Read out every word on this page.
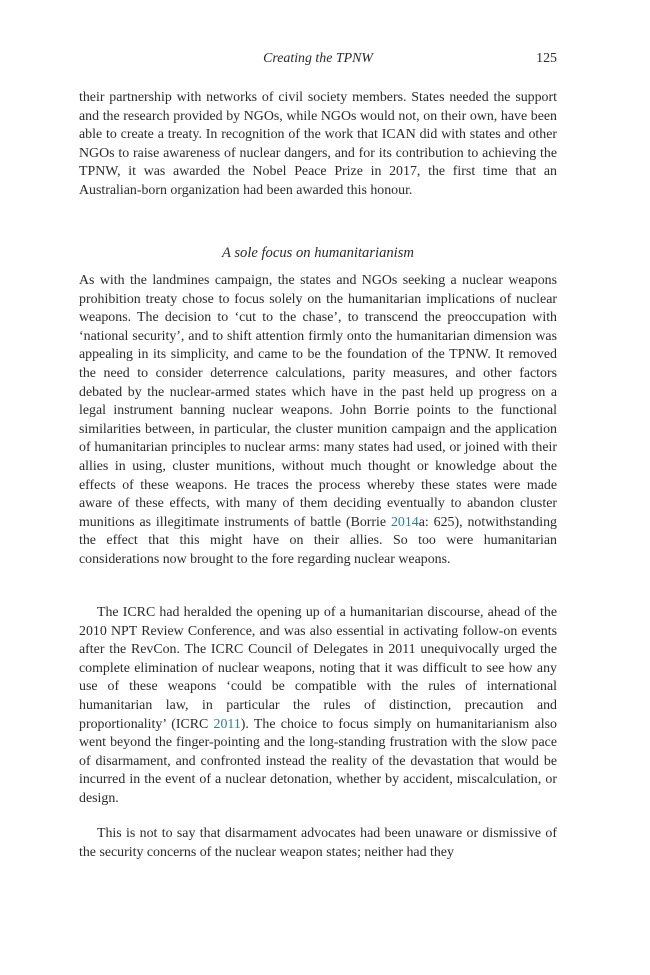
Creating the TPNW	125

their partnership with networks of civil society members. States needed the support and the research provided by NGOs, while NGOs would not, on their own, have been able to create a treaty. In recognition of the work that ICAN did with states and other NGOs to raise awareness of nuclear dangers, and for its contribution to achieving the TPNW, it was awarded the Nobel Peace Prize in 2017, the first time that an Australian-born organization had been awarded this honour.

A sole focus on humanitarianism

As with the landmines campaign, the states and NGOs seeking a nuclear weapons prohibition treaty chose to focus solely on the humanitarian implications of nuclear weapons. The decision to ‘cut to the chase’, to transcend the preoccupation with ‘national security’, and to shift attention firmly onto the humanitarian dimension was appealing in its simplicity, and came to be the foundation of the TPNW. It removed the need to consider deterrence calculations, parity measures, and other factors debated by the nuclear-armed states which have in the past held up progress on a legal instrument banning nuclear weapons. John Borrie points to the functional similarities between, in particular, the cluster munition campaign and the application of humanitarian principles to nuclear arms: many states had used, or joined with their allies in using, cluster munitions, without much thought or knowledge about the effects of these weapons. He traces the process whereby these states were made aware of these effects, with many of them deciding eventually to abandon cluster munitions as illegitimate instruments of battle (Borrie 2014a: 625), notwithstanding the effect that this might have on their allies. So too were humanitarian considerations now brought to the fore regarding nuclear weapons.

The ICRC had heralded the opening up of a humanitarian discourse, ahead of the 2010 NPT Review Conference, and was also essential in activating follow-on events after the RevCon. The ICRC Council of Delegates in 2011 unequivocally urged the complete elimination of nuclear weapons, noting that it was difficult to see how any use of these weapons ‘could be compatible with the rules of international humanitarian law, in particular the rules of distinction, precaution and proportionality’ (ICRC 2011). The choice to focus simply on humanitarianism also went beyond the finger-pointing and the long-standing frustration with the slow pace of disarmament, and confronted instead the reality of the devastation that would be incurred in the event of a nuclear detonation, whether by accident, miscalculation, or design.

This is not to say that disarmament advocates had been unaware or dismissive of the security concerns of the nuclear weapon states; neither had they
